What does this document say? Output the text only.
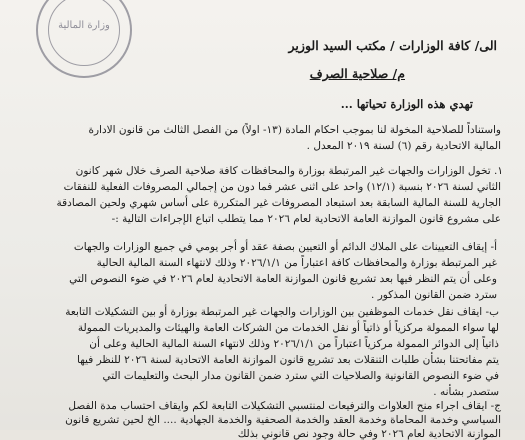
وزارة المالية
الى/ كافة الوزارات / مكتب السيد الوزير
م/ صلاحية الصرف
تهدي هذه الوزارة تحياتها ...
واستناداً للصلاحية المخولة لنا بموجب احكام المادة (١٣- اولاً) من الفصل الثالث من قانون الادارة
المالية الاتحادية رقم (٦) لسنة ٢٠١٩ المعدل .
١. تخول الوزارات والجهات غير المرتبطة بوزارة والمحافظات كافة صلاحية الصرف خلال شهر كانون
الثاني لسنة ٢٠٢٦ بنسبة (١٢/١) واحد على اثنى عشر فما دون من إجمالي المصروفات الفعلية للنفقات
الجارية للسنة المالية السابقة بعد استبعاد المصروفات غير المتكررة على أساس شهري ولحين المصادقة
على مشروع قانون الموازنة العامة الاتحادية لعام ٢٠٢٦ مما يتطلب اتباع الإجراءات التالية :-
أ- إيقاف التعيينات على الملاك الدائم أو التعيين بصفة عقد أو أجر يومي في جميع الوزارات والجهات
غير المرتبطة بوزارة والمحافظات كافة اعتباراً من ٢٠٢٦/١/١ وذلك لانتهاء السنة المالية الحالية
وعلى أن يتم النظر فيها بعد تشريع قانون الموازنة العامة الاتحادية لعام ٢٠٢٦ في ضوء النصوص التي
سترد ضمن القانون المذكور .
ب- ايقاف نقل خدمات الموظفين بين الوزارات والجهات غير المرتبطة بوزارة أو بين التشكيلات التابعة
لها سواء الممولة مركزياً أو ذاتياً أو نقل الخدمات من الشركات العامة والهيئات والمديريات الممولة
ذاتياً إلى الدوائر الممولة مركزياً اعتباراً من ٢٠٢٦/١/١ وذلك لانتهاء السنة المالية الحالية وعلى أن
يتم مفاتحتنا بشأن طلبات التنقلات بعد تشريع قانون الموازنة العامة الاتحادية لسنة ٢٠٢٦ للنظر فيها
في ضوء النصوص القانونية والصلاحيات التي سترد ضمن القانون مدار البحث والتعليمات التي
ستصدر بشأنه .
ج- ايقاف اجراء منح العلاوات والترفيعات لمنتسبي التشكيلات التابعة لكم وايقاف احتساب مدة الفصل
السياسي وخدمة المحاماة وخدمة العقد والخدمة الصحفية والخدمة الجهادية .... الخ لحين تشريع قانون
الموازنة الاتحادية لعام ٢٠٢٦ وفي حالة وجود نص قانوني بذلك
